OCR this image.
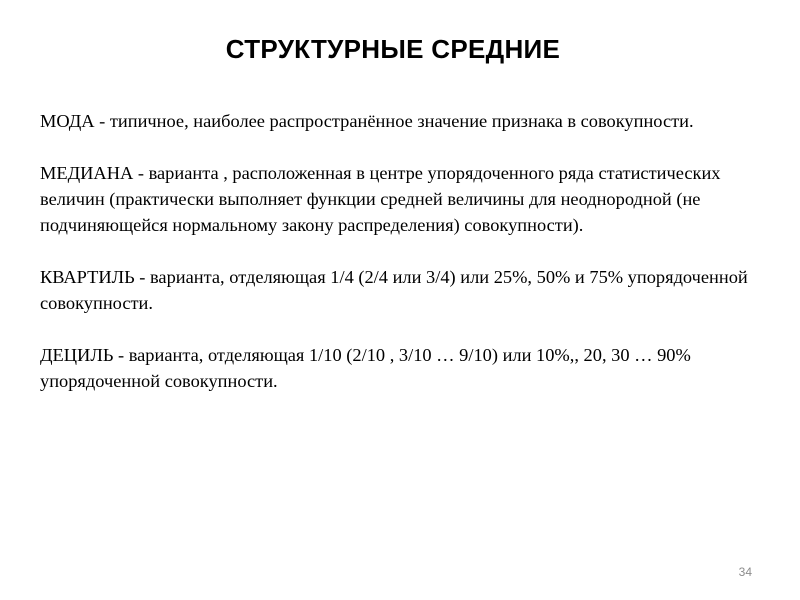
СТРУКТУРНЫЕ СРЕДНИЕ

МОДА - типичное, наиболее распространённое значение признака в совокупности.

МЕДИАНА - варианта , расположенная в центре упорядоченного ряда статистических величин (практически выполняет функции средней величины для неоднородной (не подчиняющейся нормальному закону распределения) совокупности).

КВАРТИЛЬ - варианта, отделяющая 1/4 (2/4 или 3/4) или 25%, 50% и 75% упорядоченной совокупности.

ДЕЦИЛЬ - варианта, отделяющая 1/10 (2/10 , 3/10 … 9/10) или 10%,, 20, 30 … 90% упорядоченной совокупности.

34
